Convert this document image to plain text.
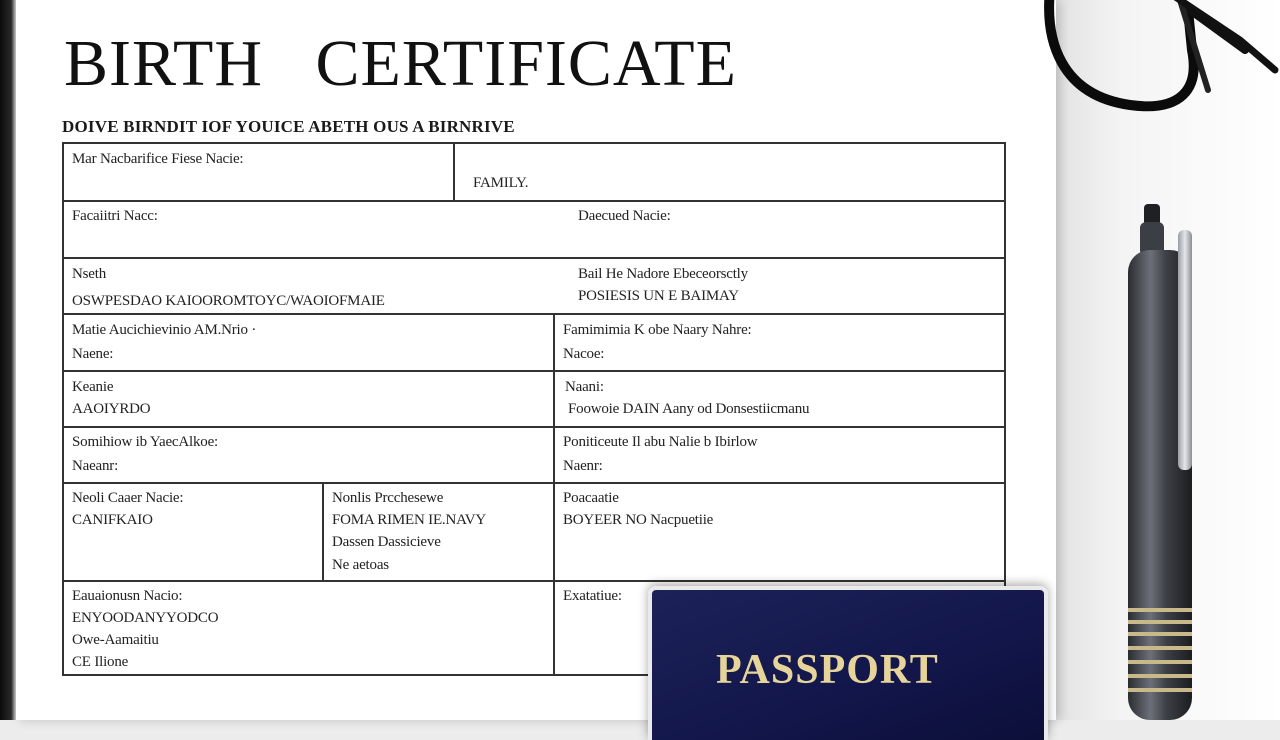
BIRTH   CERTIFICATE
DOIVE BIRNDIT IOF YOUICE ABETH OUS A BIRNRIVE
Mar Nacbarifice Fiese Nacie:
FAMILY.
Facaiitri Nacc:	Daecued Nacie:
Nseth
OSWPESDAO KAIOOROMTOYC/WAOIOFMAIE
Bail He Nadore Ebeceorsctly
POSIESIS UN E BAIMAY
Matie Aucichievinio AM.Nrio ·
Naene:
Famimimia K obe Naary Nahre:
Nacoe:
Keanie
AAOIYRDO
Naani:
Foowoie DAIN Aany od Donsestiicmanu
Somihiow ib YaecAlkoe:
Naeanr:
Poniticeute Il abu Nalie b Ibirlow
Naenr:
Neoli Caaer Nacie:
CANIFKAIO
Nonlis Prcchesewe
FOMA RIMEN IE.NAVY
Dassen Dassicieve
Ne aetoas
Poacaatie
BOYEER NO Nacpuetiie
Eauaionusn Nacio:
ENYOODANYYODCO
Owe-Aamaitiu
CE Ilione
Exatatiue:
PASSPORT
